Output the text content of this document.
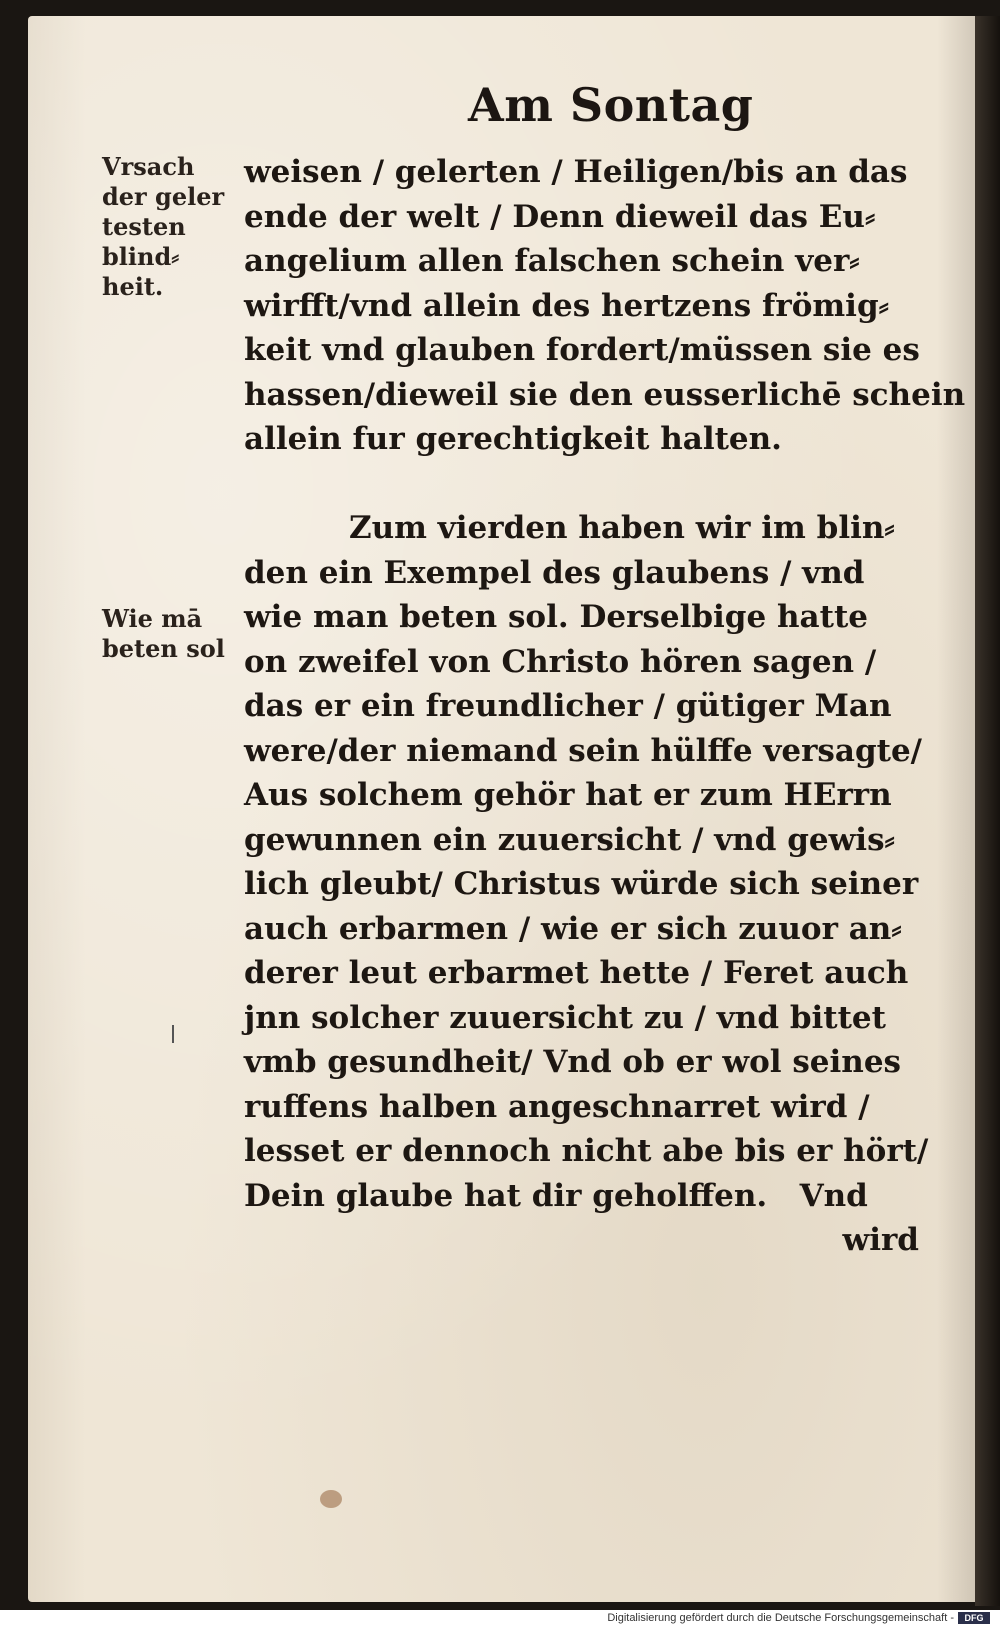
Am Sontag
Vrsach
der geler
testen
blind⸗
heit.
Wie mā
beten sol
weisen / gelerten / Heiligen/bis an das
ende der welt / Denn dieweil das Eu⸗
angelium allen falschen schein ver⸗
wirfft/vnd allein des hertzens frömig⸗
keit vnd glauben fordert/müssen sie es
hassen/dieweil sie den eusserlichē schein
allein fur gerechtigkeit halten.
Zum vierden haben wir im blin⸗
den ein Exempel des glaubens / vnd
wie man beten sol. Derselbige hatte
on zweifel von Christo hören sagen /
das er ein freundlicher / gütiger Man
were/der niemand sein hülffe versagte/
Aus solchem gehör hat er zum HErrn
gewunnen ein zuuersicht / vnd gewis⸗
lich gleubt/ Christus würde sich seiner
auch erbarmen / wie er sich zuuor an⸗
derer leut erbarmet hette / Feret auch
jnn solcher zuuersicht zu / vnd bittet
vmb gesundheit/ Vnd ob er wol seines
ruffens halben angeschnarret wird /
lesset er dennoch nicht abe bis er hört/
Dein glaube hat dir geholffen.   Vnd
wird
Digitalisierung gefördert durch die Deutsche Forschungsgemeinschaft -	DFG
